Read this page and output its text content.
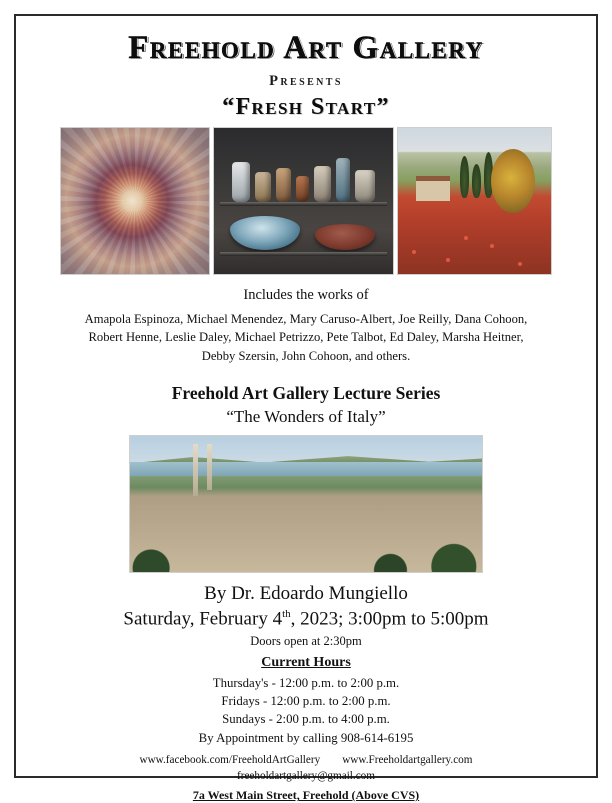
Freehold Art Gallery
Presents
“Fresh Start”
Includes the works of
Amapola Espinoza, Michael Menendez, Mary Caruso-Albert, Joe Reilly, Dana Cohoon,
Robert Henne, Leslie Daley, Michael Petrizzo, Pete Talbot, Ed Daley, Marsha Heitner,
Debby Szersin, John Cohoon, and others.
Freehold Art Gallery Lecture Series
“The Wonders of Italy”
By Dr. Edoardo Mungiello
Saturday, February 4th, 2023; 3:00pm to 5:00pm
Doors open at 2:30pm
Current Hours
Thursday's - 12:00 p.m. to 2:00 p.m.
Fridays - 12:00 p.m. to 2:00 p.m.
Sundays - 2:00 p.m. to 4:00 p.m.
By Appointment by calling 908-614-6195
www.facebook.com/FreeholdArtGallery www.Freeholdartgallery.com
freeholdartgallery@gmail.com
7a West Main Street, Freehold (Above CVS)
